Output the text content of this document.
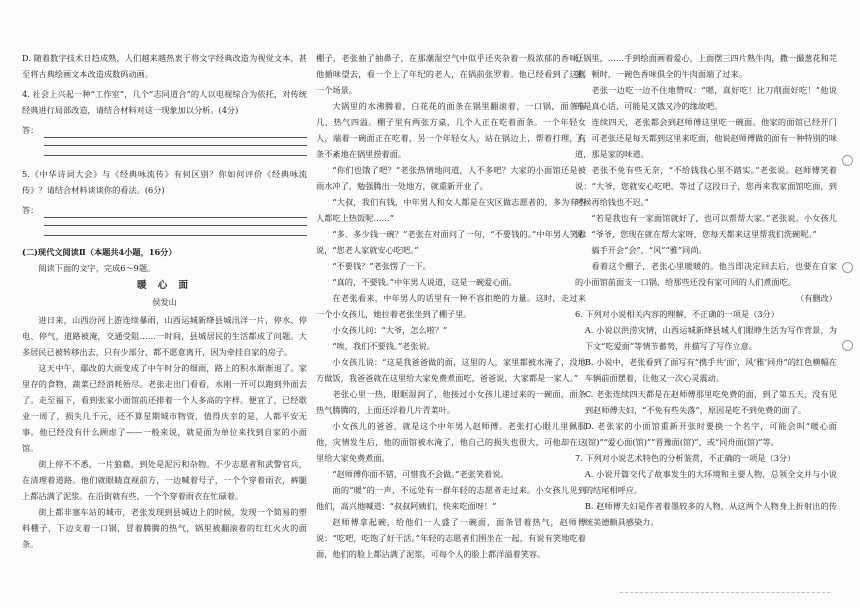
D. 随着数字技术日趋成熟，人们越来越热衷于将文字经典改造为视觉文本，甚至将古典绘画文本改造成数码动画。

4. 社会上兴起一种“工作室”，几个“志同道合”的人以电视综合为依托，对传统经典进行局部改造，请结合材料对这一现象加以分析。(4分)

答：

5.《中华诗词大会》与《经典咏流传》有何区别？你如何评价《经典咏流传》？请结合材料谈谈你的看法。(6分)

答：

(二)现代文阅读Ⅱ（本题共4小题，16分）

阅读下面的文字，完成6～9题。

暖 心 面

侯发山

进日来，山西汾河上游连续暴雨，山西运城新绛县城汛洋一片，停水、停电、停气，道路被淹，交通受阻……一时间，县城居民的生活都成了问题。大多居民已被转移出去，只有少部分，都不愿意离开，因为牵挂自家的房子。

这天中午，鄢改的大雨变成了中午时分的细雨，路上的积水渐渐退了。家里存的食物，蔬菜已经消耗殆尽。老张走出门看看，水刚一开可以跑到外面去了。走至福下，看到张家小面馆前还排着一个人多高的字样。便宜了，已经歇业一周了，损失几千元，还不算星期城市物资，值得庆幸的是，人都平安无事。他已经没有什么顾虑了——一般来说，就是面为单位来找到自家的小面馆。

街上停不不悉，一片狼藉，到处是泥污和杂物。不少志愿者和武警官兵，在清理着道路。他们就眼睛直视前方，一边喊着号子，一个个穿着雨衣，裤腿上都沾满了泥浆。在沿街就有些，一个个穿着雨衣在忙碌着。

街上都非塞车站的城市，老张发现到县城边上的时候，发现一个简易的塑料棚子，下边支着一口锅，冒着腾腾的热气，锅里被翻滚着的红红火火的面条。

棚子，老张抽了抽鼻子，在那潮湿空气中似乎还夹杂着一股浓郁的香味，他循味望去，看一个上了年纪的老人，在锅前张罗着。他已经看到了这样一个场景。

大锅里的水沸腾着，白花花的面条在锅里翻滚着，一口锅，面条有几，热气四溢。棚子里有两张方桌，几个人正在吃着面条。一个年轻女人，端着一碗面正在吃着，另一个年轻女人，站在锅边上，帮着打理，有条不紊地在锅里捞着面。

“你们也饿了吧？”老张热情地问道，人不多吧？大家的小面馆还是被雨水冲了，勉强腾出一处地方，就重新开业了。

“大叔，我们有钱，中年男人和女人都是在灾区做志愿者的，多为有些人都吃上热饭呢……”

“多、多少钱一碗？”老张在对面问了一句，“不要钱的。”中年男人笑着说，“您老人家就安心吃吧。”

“不要钱？”老张愣了一下。

“真的，不要钱。”中年男人说道，这是一碗爱心面。

在老张看来，中年男人的话里有一种不容拒绝的力量。这时，走过来一个小女孩儿，她拉着老张坐到了棚子里。

小女孩儿问：“大爷，怎么啦？”

“唉，我们不要钱。”老张说。

小女孩儿说：“这是我爸爸做的面，这里的人，家里都被水淹了，没地方做饭，我爸爸就在这里给大家免费煮面吃，爸爸说，大家都是一家人。”

老张心里一热，眼眶湿润了，他接过小女孩儿递过来的一碗面，面条热气腾腾的，上面还浮着几片青菜叶。

小女孩儿的爸爸，就是这个中年男人赵师傅。老张打心眼儿里佩服他，灾情发生后，他的面馆被水淹了，他自己的损失也很大，可他却在这里给大家免费煮面。

“赵师傅你面不错，可惜我不会做。”老张笑着说。

面的“暖”的一声，不远处有一群年轻的志愿者走过来。小女孩儿见到他们，高兴地喊道：“叔叔阿姨们，快来吃面呀！”

赵师傅拿起碗，给他们一人盛了一碗面，面条冒着热气，赵师傅说：“吃吧，吃饱了好干活。”年轻的志愿者们围坐在一起，有说有笑地吃着面，他们的脸上都沾满了泥浆，可每个人的脸上都洋溢着笑容。

狂锅里，……手到绘面画着爱心，上面摆三四片熟牛肉，撒一撮葱花和芫荽，顿时，一碗色香味俱全的牛肉面端了过来。

老张一边吃一边不住地赞叹：“嗯，真好吃！比刀削面好吃！”他说的是真心话，可能是又饿又冷的缘故吧。

连续四天，老张都会到赵师傅这里吃一碗面。他家的面馆已经开门了，可老张还是每天都到这里来吃面，他说赵师傅做的面有一种特别的味道，那是家的味道。

老张不免有些无奈，“不给钱我心里不踏实。”老张说。赵师傅笑着说：“大爷，您就安心吃吧，等过了这段日子，您再来我家面馆吃面，到时候再给钱也不迟。”

“若是我也有一家面馆就好了，也可以帮帮大家。”老张说。小女孩儿说：“爷爷，您现在就在帮大家呀，您每天都来这里帮我们洗碗呢。”

搞手开会“会”，“风”“雅”同尚。

看着这个棚子，老张心里暖暖的。他当即决定回去后，也要在自家的小面馆前面支一口锅，给那些还没有家可回的人们煮面吃。

（有删改）

6. 下列对小说相关内容的理解，不正确的一项是（3分）

A. 小说以洪涝灾情，山西运城新绛县城人们眼睁生活为写作背景，为下文“吃爱面”等情节蓄势，并描写了写作立意。

B. 小说中，老张看到了面写有“携手共‘面’，风‘雅’同舟”的红色横幅在车辆前面摆着，让他又一次心灵震动。

C. 老张连续四天都是在赵师傅那里吃免费的面，到了第五天，没有见到赵师傅夫妇，“不免有些失落”，原因是吃不到免费的面了。

D. 老张家的小面馆重新开张时要换一个名字，可能会叫“暖心面(馆)”“爱心面(馆)”“晋豫面(馆)”，或“同舟面(馆)”等。

7. 下列对小说艺术特色的分析鉴赏，不正确的一项是（3分）

A. 小说开篇交代了故事发生的大环境和主要人物，总领全文并与小说的结尾相呼应。

B. 赵师傅夫妇是作者着墨较多的人物，从这两个人物身上折射出的传统美德颇具感染力。
